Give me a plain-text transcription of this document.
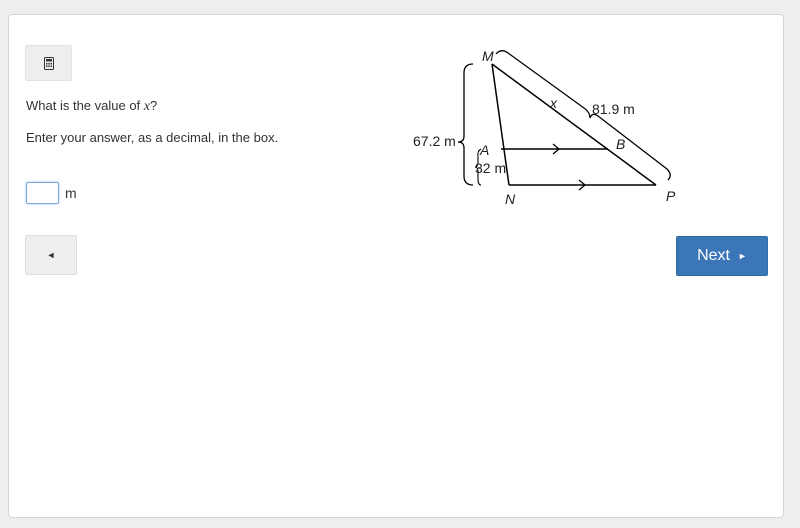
What is the value of x?
Enter your answer, as a decimal, in the box.
m
◄	Next ►
M
A
N
B
P
x	81.9 m
67.2 m
32 m
